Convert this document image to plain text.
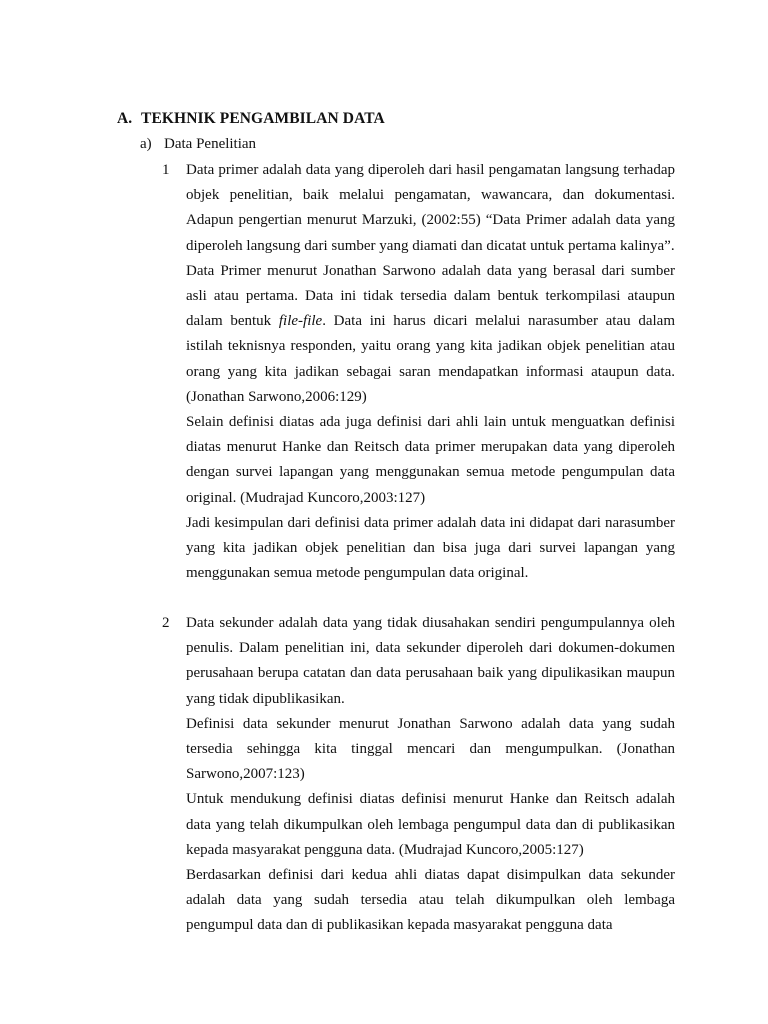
A. TEKHNIK PENGAMBILAN DATA
a) Data Penelitian
1 Data primer adalah data yang diperoleh dari hasil pengamatan langsung terhadap objek penelitian, baik melalui pengamatan, wawancara, dan dokumentasi. Adapun pengertian menurut Marzuki, (2002:55) “Data Primer adalah data yang diperoleh langsung dari sumber yang diamati dan dicatat untuk pertama kalinya”.

Data Primer menurut Jonathan Sarwono adalah data yang berasal dari sumber asli atau pertama. Data ini tidak tersedia dalam bentuk terkompilasi ataupun dalam bentuk file-file. Data ini harus dicari melalui narasumber atau dalam istilah teknisnya responden, yaitu orang yang kita jadikan objek penelitian atau orang yang kita jadikan sebagai saran mendapatkan informasi ataupun data. (Jonathan Sarwono,2006:129)

Selain definisi diatas ada juga definisi dari ahli lain untuk menguatkan definisi diatas menurut Hanke dan Reitsch data primer merupakan data yang diperoleh dengan survei lapangan yang menggunakan semua metode pengumpulan data original. (Mudrajad Kuncoro,2003:127)

Jadi kesimpulan dari definisi data primer adalah data ini didapat dari narasumber yang kita jadikan objek penelitian dan bisa juga dari survei lapangan yang menggunakan semua metode pengumpulan data original.

2 Data sekunder adalah data yang tidak diusahakan sendiri pengumpulannya oleh penulis. Dalam penelitian ini, data sekunder diperoleh dari dokumen-dokumen perusahaan berupa catatan dan data perusahaan baik yang dipulikasikan maupun yang tidak dipublikasikan.

Definisi data sekunder menurut Jonathan Sarwono adalah data yang sudah tersedia sehingga kita tinggal mencari dan mengumpulkan. (Jonathan Sarwono,2007:123)

Untuk mendukung definisi diatas definisi menurut Hanke dan Reitsch adalah data yang telah dikumpulkan oleh lembaga pengumpul data dan di publikasikan kepada masyarakat pengguna data. (Mudrajad Kuncoro,2005:127)

Berdasarkan definisi dari kedua ahli diatas dapat disimpulkan data sekunder adalah data yang sudah tersedia atau telah dikumpulkan oleh lembaga pengumpul data dan di publikasikan kepada masyarakat pengguna data
